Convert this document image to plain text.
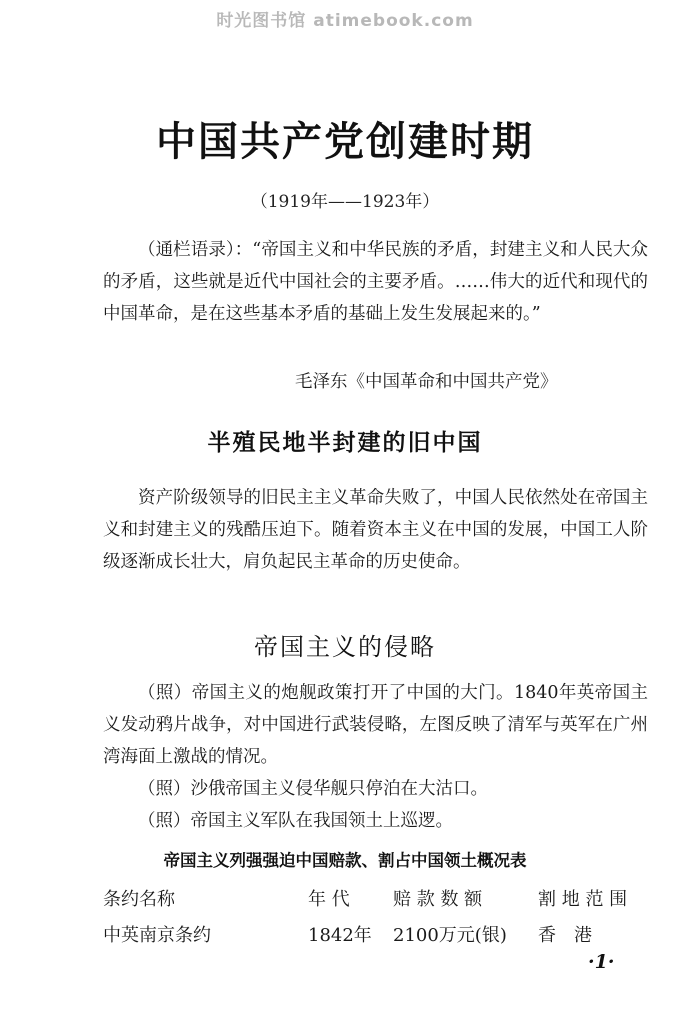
时光图书馆 atimebook.com
中国共产党创建时期
（1919年——1923年）

（通栏语录）：“帝国主义和中华民族的矛盾，封建主义和人民大众的矛盾，这些就是近代中国社会的主要矛盾。……伟大的近代和现代的中国革命，是在这些基本矛盾的基础上发生发展起来的。”

毛泽东《中国革命和中国共产党》
半殖民地半封建的旧中国

资产阶级领导的旧民主主义革命失败了，中国人民依然处在帝国主义和封建主义的残酷压迫下。随着资本主义在中国的发展，中国工人阶级逐渐成长壮大，肩负起民主革命的历史使命。

帝国主义的侵略

（照）帝国主义的炮舰政策打开了中国的大门。1840年英帝国主义发动鸦片战争，对中国进行武装侵略，左图反映了清军与英军在广州湾海面上激战的情况。

（照）沙俄帝国主义侵华舰只停泊在大沽口。

（照）帝国主义军队在我国领土上巡逻。

帝国主义列强强迫中国赔款、割占中国领土概况表
条约名称	年 代 赔 款 数 额	割 地 范 围
中英南京条约	1842年 2100万元(银) 香　港
·1·
